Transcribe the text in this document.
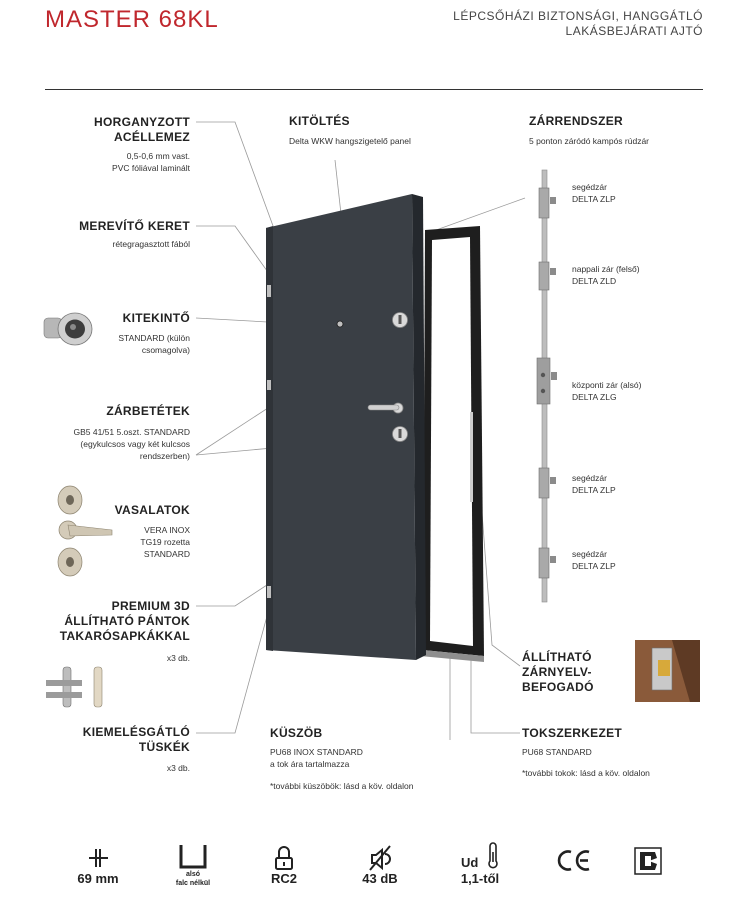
MASTER 68KL	LÉPCSŐHÁZI BIZTONSÁGI, HANGGÁTLÓ
LAKÁSBEJÁRATI AJTÓ
HORGANYZOTT
ACÉLLEMEZ
0,5-0,6 mm vast.
PVC fóliával laminált
MEREVÍTŐ KERET
rétegragasztott fából
KITEKINTŐ
STANDARD (külön
csomagolva)
ZÁRBETÉTEK
GB5 41/51 5.oszt. STANDARD
(egykulcsos vagy két kulcsos
rendszerben)
VASALATOK
VERA INOX
TG19 rozetta
STANDARD
PREMIUM 3D
ÁLLÍTHATÓ PÁNTOK
TAKARÓSAPKÁKKAL
x3 db.
KIEMELÉSGÁTLÓ
TÜSKÉK
x3 db.
KITÖLTÉS
Delta WKW hangszigetelő panel
KÜSZÖB
PU68 INOX STANDARD
a tok ára tartalmazza
*további küszöbök: lásd a köv. oldalon
ZÁRRENDSZER
5 ponton záródó kampós rúdzár
segédzár
DELTA ZLP
nappali zár (felső)
DELTA ZLD
központi zár (alsó)
DELTA ZLG
segédzár
DELTA ZLP
segédzár
DELTA ZLP
ÁLLÍTHATÓ
ZÁRNYELV-
BEFOGADÓ
TOKSZERKEZET
PU68 STANDARD
*további tokok: lásd a köv. oldalon
69 mm	alsó
falc nélkül	RC2	43 dB
Ud
1,1-től
